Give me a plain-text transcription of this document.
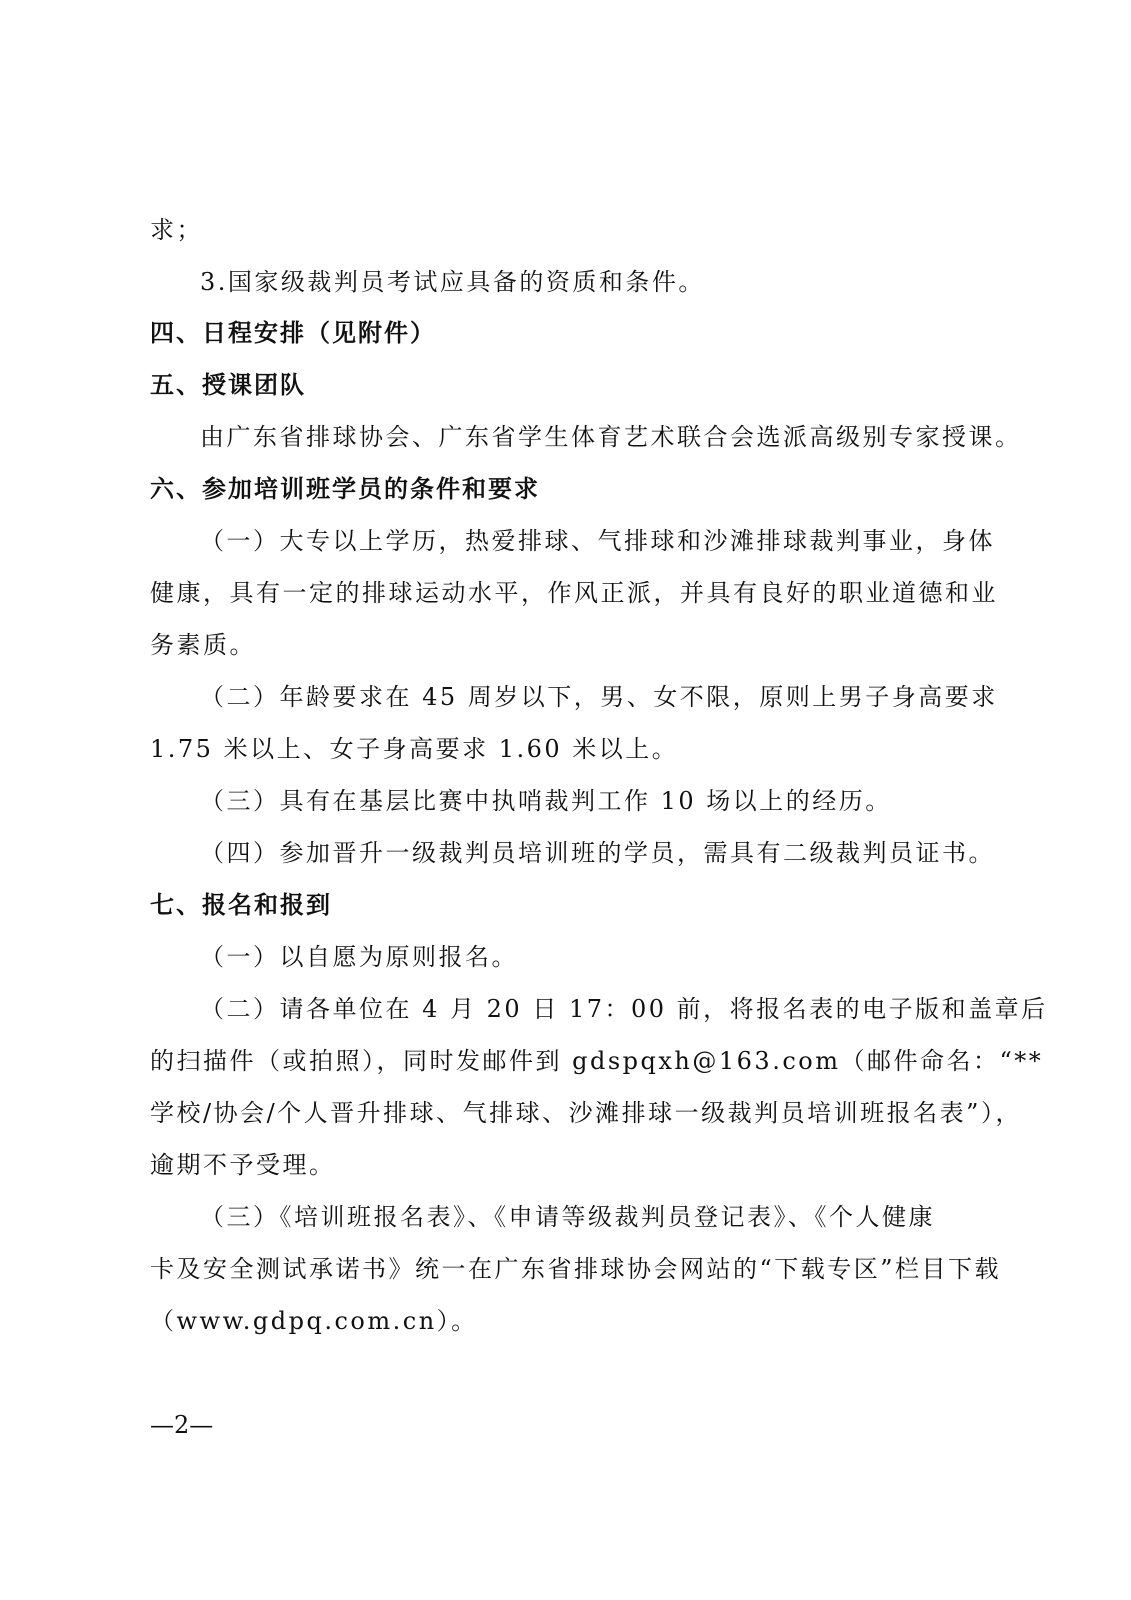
求；
3.国家级裁判员考试应具备的资质和条件。
四、日程安排（见附件）
五、授课团队
由广东省排球协会、广东省学生体育艺术联合会选派高级别专家授课。
六、参加培训班学员的条件和要求
（一）大专以上学历，热爱排球、气排球和沙滩排球裁判事业，身体
健康，具有一定的排球运动水平，作风正派，并具有良好的职业道德和业
务素质。
（二）年龄要求在 45 周岁以下，男、女不限，原则上男子身高要求
1.75 米以上、女子身高要求 1.60 米以上。
（三）具有在基层比赛中执哨裁判工作 10 场以上的经历。
（四）参加晋升一级裁判员培训班的学员，需具有二级裁判员证书。
七、报名和报到
（一）以自愿为原则报名。
（二）请各单位在 4 月 20 日 17：00 前，将报名表的电子版和盖章后
的扫描件（或拍照），同时发邮件到 gdspqxh@163.com（邮件命名：“**
学校/协会/个人晋升排球、气排球、沙滩排球一级裁判员培训班报名表”），
逾期不予受理。
（三）《培训班报名表》、《申请等级裁判员登记表》、《个人健康
卡及安全测试承诺书》统一在广东省排球协会网站的“下载专区”栏目下载
（www.gdpq.com.cn）。
—2—
